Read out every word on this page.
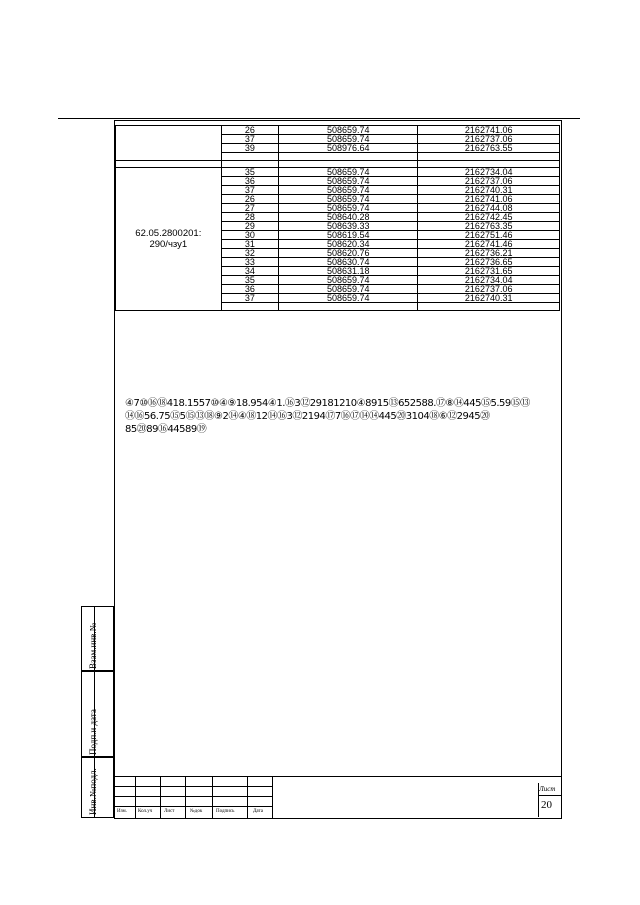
	26	508659.74	2162741.06
	37	508659.74	2162737.06
	39	508976.64	2162763.55

62.05.2800201:
290/чзу1	35	508659.74	2162734.04
	36	508659.74	2162737.06
	37	508659.74	2162740.31
	26	508659.74	2162741.06
	27	508659.74	2162744.08
	28	508640.28	2162742.45
	29	508639.33	2162763.35
	30	508619.54	2162751.46
	31	508620.34	2162741.46
	32	508620.76	2162736.21
	33	508630.74	2162736.65
	34	508631.18	2162731.65
	35	508659.74	2162734.04
	36	508659.74	2162737.06
	37	508659.74	2162740.31

④7⑩⑯⑱418.1557⑩④⑨18.954④1.⑯3⑫29181210④8915⑬652588.⑰⑧⑭445⑮5.59⑮⑬
⑭⑯56.75⑮5⑮⑬⑱⑨2⑭④⑱12⑭⑯3⑫2194⑰7⑯⑰⑭⑭445⑳3104⑱⑥⑫2945⑳
85⑳89⑯44589⑲
Взам.инв.№
Подп.и дата
Инв.№подл.	Изм. Кол.уч Лист	№док	Подпись	Дата
Лист
20
